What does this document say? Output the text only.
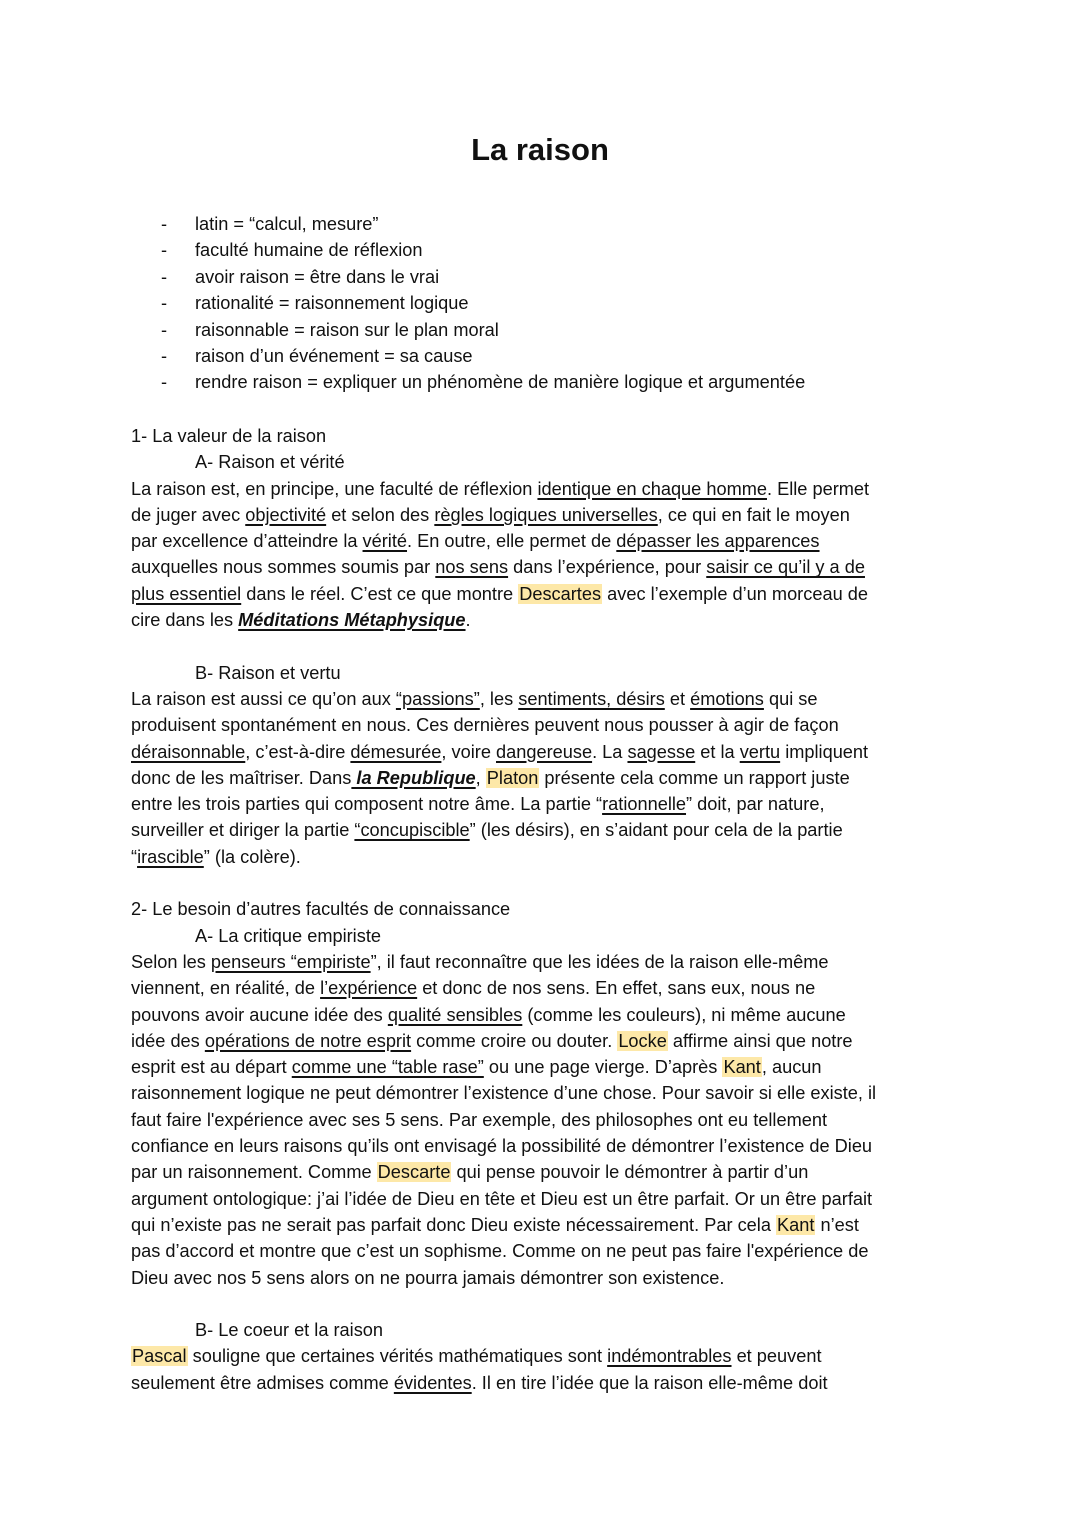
La raison
- latin = “calcul, mesure”
- faculté humaine de réflexion
- avoir raison = être dans le vrai
- rationalité = raisonnement logique
- raisonnable = raison sur le plan moral
- raison d’un événement = sa cause
- rendre raison = expliquer un phénomène de manière logique et argumentée
1- La valeur de la raison
A- Raison et vérité
La raison est, en principe, une faculté de réflexion identique en chaque homme. Elle permet
de juger avec objectivité et selon des règles logiques universelles, ce qui en fait le moyen
par excellence d’atteindre la vérité. En outre, elle permet de dépasser les apparences
auxquelles nous sommes soumis par nos sens dans l’expérience, pour saisir ce qu’il y a de
plus essentiel dans le réel. C’est ce que montre Descartes avec l’exemple d’un morceau de
cire dans les Méditations Métaphysique.
B- Raison et vertu
La raison est aussi ce qu’on aux “passions”, les sentiments, désirs et émotions qui se
produisent spontanément en nous. Ces dernières peuvent nous pousser à agir de façon
déraisonnable, c’est-à-dire démesurée, voire dangereuse. La sagesse et la vertu impliquent
donc de les maîtriser. Dans la Republique, Platon présente cela comme un rapport juste
entre les trois parties qui composent notre âme. La partie “rationnelle” doit, par nature,
surveiller et diriger la partie “concupiscible” (les désirs), en s’aidant pour cela de la partie
“irascible” (la colère).
2- Le besoin d’autres facultés de connaissance
A- La critique empiriste
Selon les penseurs “empiriste”, il faut reconnaître que les idées de la raison elle-même
viennent, en réalité, de l’expérience et donc de nos sens. En effet, sans eux, nous ne
pouvons avoir aucune idée des qualité sensibles (comme les couleurs), ni même aucune
idée des opérations de notre esprit comme croire ou douter. Locke affirme ainsi que notre
esprit est au départ comme une “table rase” ou une page vierge. D’après Kant, aucun
raisonnement logique ne peut démontrer l’existence d’une chose. Pour savoir si elle existe, il
faut faire l'expérience avec ses 5 sens. Par exemple, des philosophes ont eu tellement
confiance en leurs raisons qu’ils ont envisagé la possibilité de démontrer l’existence de Dieu
par un raisonnement. Comme Descarte qui pense pouvoir le démontrer à partir d’un
argument ontologique: j’ai l’idée de Dieu en tête et Dieu est un être parfait. Or un être parfait
qui n’existe pas ne serait pas parfait donc Dieu existe nécessairement. Par cela Kant n’est
pas d’accord et montre que c’est un sophisme. Comme on ne peut pas faire l'expérience de
Dieu avec nos 5 sens alors on ne pourra jamais démontrer son existence.
B- Le coeur et la raison
Pascal souligne que certaines vérités mathématiques sont indémontrables et peuvent
seulement être admises comme évidentes. Il en tire l’idée que la raison elle-même doit
